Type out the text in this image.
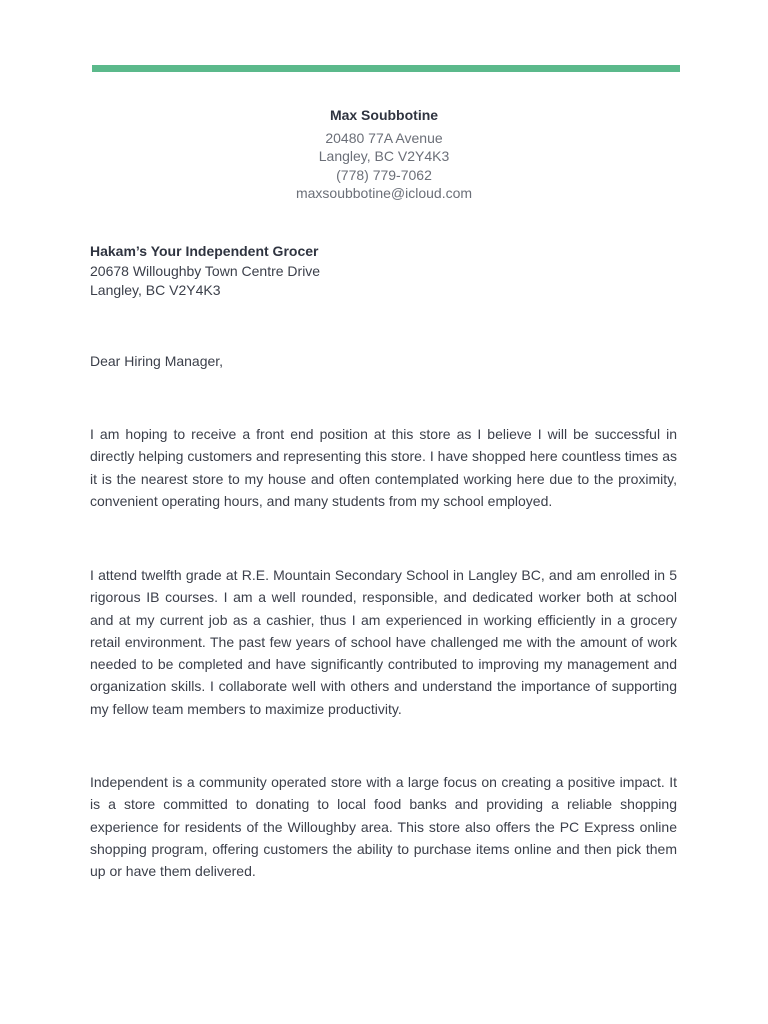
Max Soubbotine
20480 77A Avenue
Langley, BC V2Y4K3
(778) 779-7062
maxsoubbotine@icloud.com
Hakam’s Your Independent Grocer
20678 Willoughby Town Centre Drive
Langley, BC V2Y4K3
Dear Hiring Manager,

I am hoping to receive a front end position at this store as I believe I will be successful in directly helping customers and representing this store. I have shopped here countless times as it is the nearest store to my house and often contemplated working here due to the proximity, convenient operating hours, and many students from my school employed.

I attend twelfth grade at R.E. Mountain Secondary School in Langley BC, and am enrolled in 5 rigorous IB courses. I am a well rounded, responsible, and dedicated worker both at school and at my current job as a cashier, thus I am experienced in working efficiently in a grocery retail environment. The past few years of school have challenged me with the amount of work needed to be completed and have significantly contributed to improving my management and organization skills. I collaborate well with others and understand the importance of supporting my fellow team members to maximize productivity.

Independent is a community operated store with a large focus on creating a positive impact. It is a store committed to donating to local food banks and providing a reliable shopping experience for residents of the Willoughby area. This store also offers the PC Express online shopping program, offering customers the ability to purchase items online and then pick them up or have them delivered.
